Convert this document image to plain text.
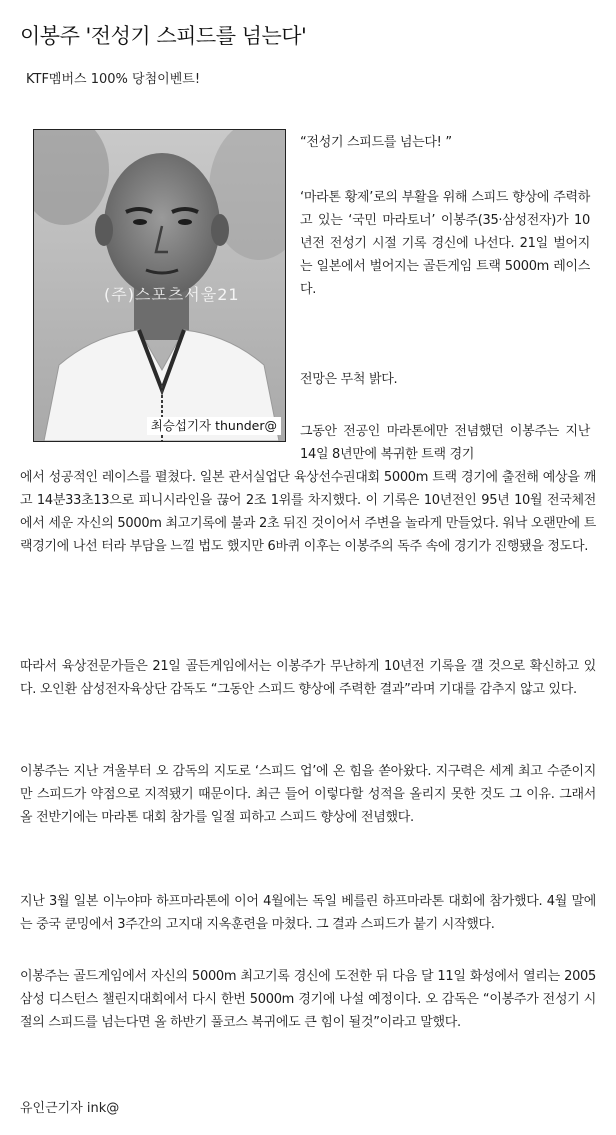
이봉주 '전성기 스피드를 넘는다'
KTF멤버스 100% 당첨이벤트!
(주)스포츠서울21
최승섭기자 thunder@

“전성기 스피드를 넘는다! ”

‘마라톤 황제’로의 부활을 위해 스피드 향상에 주력하고 있는 ‘국민 마라토너’ 이봉주(35·삼성전자)가 10년전 전성기 시절 기록 경신에 나선다. 21일 벌어지는 일본에서 벌어지는 골든게임 트랙 5000m 레이스다.

전망은 무척 밝다.

그동안 전공인 마라톤에만 전념했던 이봉주는 지난 14일 8년만에 복귀한 트랙 경기

에서 성공적인 레이스를 펼쳤다. 일본 관서실업단 육상선수권대회 5000m 트랙 경기에 출전해 예상을 깨고 14분33초13으로 피니시라인을 끊어 2조 1위를 차지했다. 이 기록은 10년전인 95년 10월 전국체전에서 세운 자신의 5000m 최고기록에 불과 2초 뒤진 것이어서 주변을 놀라게 만들었다. 워낙 오랜만에 트랙경기에 나선 터라 부담을 느낄 법도 했지만 6바퀴 이후는 이봉주의 독주 속에 경기가 진행됐을 정도다.

따라서 육상전문가들은 21일 골든게임에서는 이봉주가 무난하게 10년전 기록을 갤 것으로 확신하고 있다. 오인환 삼성전자육상단 감독도 “그동안 스피드 향상에 주력한 결과”라며 기대를 감추지 않고 있다.

이봉주는 지난 겨울부터 오 감독의 지도로 ‘스피드 업’에 온 힘을 쏟아왔다. 지구력은 세계 최고 수준이지만 스피드가 약점으로 지적됐기 때문이다. 최근 들어 이렇다할 성적을 올리지 못한 것도 그 이유. 그래서 올 전반기에는 마라톤 대회 참가를 일절 피하고 스피드 향상에 전념했다.

지난 3월 일본 이누야마 하프마라톤에 이어 4월에는 독일 베를린 하프마라톤 대회에 참가했다. 4월 말에는 중국 쿤밍에서 3주간의 고지대 지옥훈련을 마쳤다. 그 결과 스피드가 붙기 시작했다.

이봉주는 골드게임에서 자신의 5000m 최고기록 경신에 도전한 뒤 다음 달 11일 화성에서 열리는 2005 삼성 디스턴스 챌린지대회에서 다시 한번 5000m 경기에 나설 예정이다. 오 감독은 “이봉주가 전성기 시절의 스피드를 넘는다면 올 하반기 풀코스 복귀에도 큰 힘이 될것”이라고 말했다.

유인근기자 ink@
